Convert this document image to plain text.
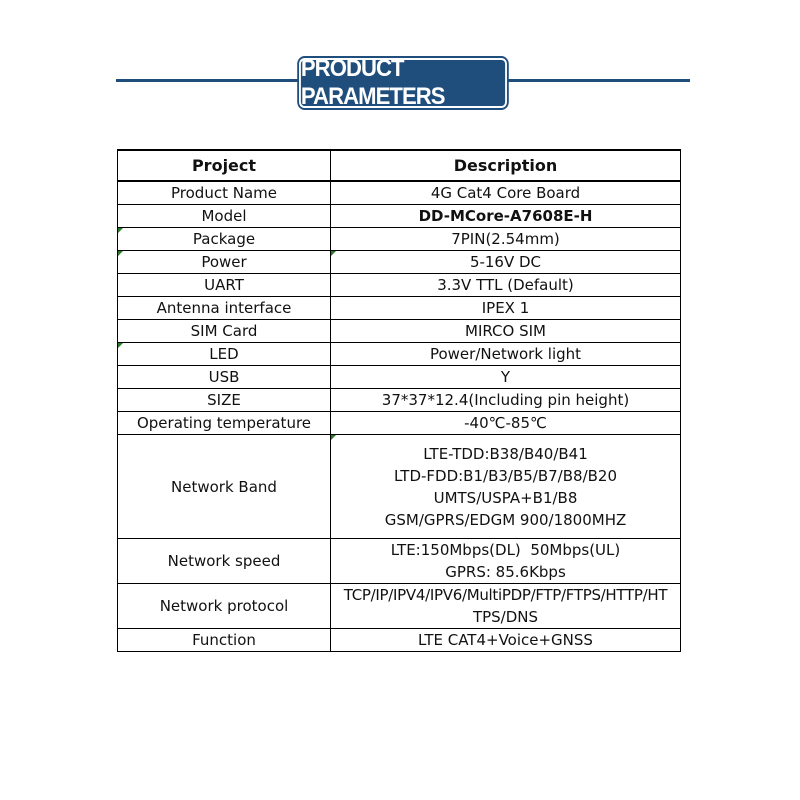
PRODUCT PARAMETERS
Project	Description
Product Name	4G Cat4 Core Board
Model	DD-MCore-A7608E-H
Package	7PIN(2.54mm)
Power	5-16V DC
UART	3.3V TTL (Default)
Antenna interface	IPEX 1
SIM Card	MIRCO SIM
LED	Power/Network light
USB	Y
SIZE	37*37*12.4(Including pin height)
Operating temperature	-40℃-85℃
Network Band	LTE-TDD:B38/B40/B41
LTD-FDD:B1/B3/B5/B7/B8/B20
UMTS/USPA+B1/B8
GSM/GPRS/EDGM 900/1800MHZ

Network speed	LTE:150Mbps(DL)  50Mbps(UL)
GPRS: 85.6Kbps

Network protocol	TCP/IP/IPV4/IPV6/MultiPDP/FTP/FTPS/HTTP/HT
TPS/DNS

Function	LTE CAT4+Voice+GNSS
